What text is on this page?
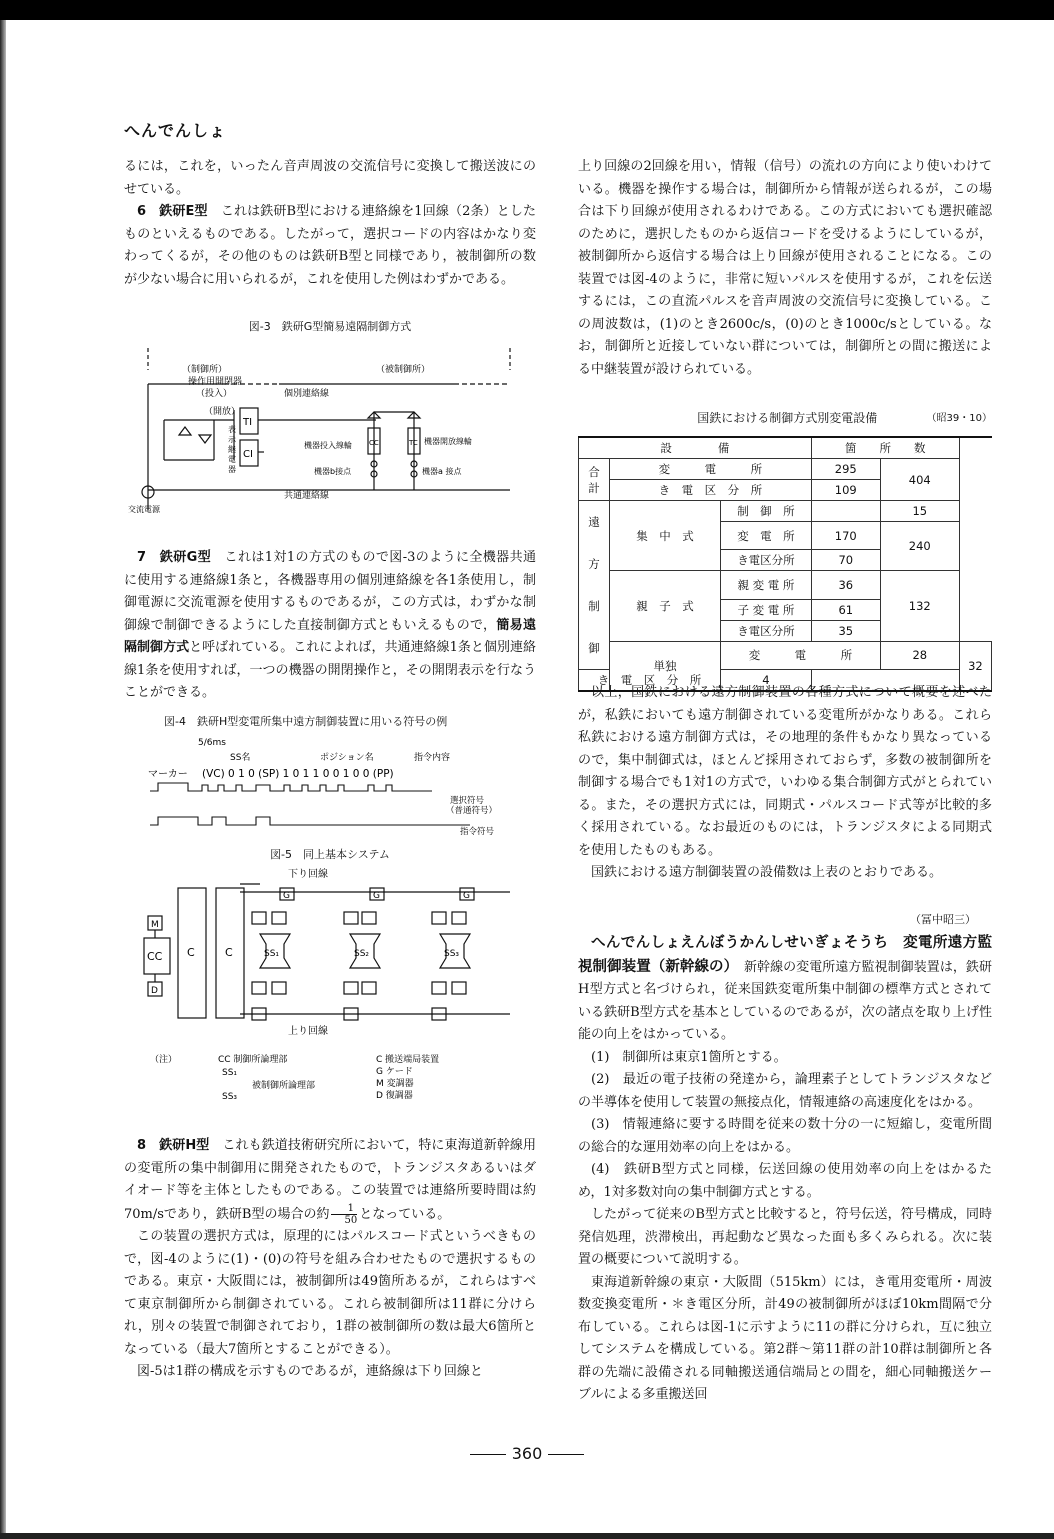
へんでんしょ

るには，これを，いったん音声周波の交流信号に変換して搬送波にのせている。

6　鉄研E型　 これは鉄研B型における連絡線を1回線（2条）としたものといえるものである。したがって，選択コードの内容はかなり変わってくるが，その他のものは鉄研B型と同様であり，被制御所の数が少ない場合に用いられるが，これを使用した例はわずかである。

図-3　鉄研G型簡易遠隔制御方式
（制御所）
操作用開閉器
（投入）
（開放）
表
示
継
電
器
TI
CI
（被制御所）
個別連絡線
CC	TC
機器投入線輪	機器開放線輪
機器b接点	機器a 接点
共通連絡線
交流電源

7　鉄研G型　 これは1対1の方式のもので図-3のように全機器共通に使用する連絡線1条と，各機器専用の個別連絡線を各1条使用し，制御電源に交流電源を使用するものであるが，この方式は，わずかな制御線で制御できるようにした直接制御方式ともいえるもので，簡易遠隔制御方式と呼ばれている。これによれば，共通連絡線1条と個別連絡線1条を使用すれば，一つの機器の開閉操作と，その開閉表示を行なうことができる。

図-4　鉄研H型変電所集中遠方制御装置に用いる符号の例
5/6ms
SS名	ポジション名	指令内容
マーカー (VC) 0 1 0 (SP) 1 0 1 1 0 0 1 0 0 (PP)
選択符号
（普通符号）
指令符号
図-5　同上基本システム
下り回線
上り回線
M
CC
D
C	C
G	G	G
SS₁	SS₂	SS₃
（注）	CC 制御所論理部
SS₁
SS₃
被制御所論理部
C 搬送端局装置
G ケード
M 変調器
D 復調器

8　鉄研H型　 これも鉄道技術研究所において，特に東海道新幹線用の変電所の集中制御用に開発されたもので，トランジスタあるいはダイオード等を主体としたものである。この装置では連絡所要時間は約70m/sであり，鉄研B型の場合の約 $\frac{1}{50}$ となっている。

この装置の選択方式は，原理的にはパルスコード式というべきもので，図-4のように(1)・(0)の符号を組み合わせたもので選択するものである。東京・大阪間には，被制御所は49箇所あるが，これらはすべて東京制御所から制御されている。これら被制御所は11群に分けられ，別々の装置で制御されており，1群の被制御所の数は最大6箇所となっている（最大7箇所とすることができる）。

図-5は1群の構成を示すものであるが，連絡線は下り回線と

上り回線の2回線を用い，情報（信号）の流れの方向により使いわけている。機器を操作する場合は，制御所から情報が送られるが，この場合は下り回線が使用されるわけである。この方式においても選択確認のために，選択したものから返信コードを受けるようにしているが，被制御所から返信する場合は上り回線が使用されることになる。この装置では図-4のように，非常に短いパルスを使用するが，これを伝送するには，この直流パルスを音声周波の交流信号に変換している。この周波数は，(1)のとき2600c/s，(0)のとき1000c/sとしている。なお，制御所と近接していない群については，制御所との間に搬送による中継装置が設けられている。

国鉄における制御方式別変電設備	（昭39・10）
設　　　　備			箇　　所　　数		
合計	変　　　電　　　所		295	404	
	き　電　区　分　所		109		
遠方制御	集　中　式	制　御　所		15	
		変　電　所	170	240	
		き電区分所	70		
	親　子　式	親 変 電 所	36	132	
		子 変 電 所	61		
		き電区分所	35		
	単独	変　　　電　　　所		28	32
き　電　区　分　所		4			

以上，国鉄における遠方制御装置の各種方式について概要を述べたが，私鉄においても遠方制御されている変電所がかなりある。これら私鉄における遠方制御方式は，その地理的条件もかなり異なっているので，集中制御式は，ほとんど採用されておらず，多数の被制御所を制御する場合でも1対1の方式で，いわゆる集合制御方式がとられている。また，その選択方式には，同期式・パルスコード式等が比較的多く採用されている。なお最近のものには，トランジスタによる同期式を使用したものもある。

国鉄における遠方制御装置の設備数は上表のとおりである。

（冨中昭三）

へんでんしょえんぼうかんしせいぎょそうち　変電所遠方監視制御装置（新幹線の）　 新幹線の変電所遠方監視制御装置は，鉄研H型方式と名づけられ，従来国鉄変電所集中制御の標準方式とされている鉄研B型方式を基本としているのであるが，次の諸点を取り上げ性能の向上をはかっている。

(1)　制御所は東京1箇所とする。

(2)　最近の電子技術の発達から，論理素子としてトランジスタなどの半導体を使用して装置の無接点化，情報連絡の高速度化をはかる。

(3)　情報連絡に要する時間を従来の数十分の一に短縮し，変電所間の総合的な運用効率の向上をはかる。

(4)　鉄研B型方式と同様，伝送回線の使用効率の向上をはかるため，1対多数対向の集中制御方式とする。

したがって従来のB型方式と比較すると，符号伝送，符号構成，同時発信処理，渋滞検出，再起動など異なった面も多くみられる。次に装置の概要について説明する。

東海道新幹線の東京・大阪間（515km）には，き電用変電所・周波数変換変電所・＊き電区分所，計49の被制御所がほぼ10km間隔で分布している。これらは図-1に示すように11の群に分けられ，互に独立してシステムを構成している。第2群～第11群の計10群は制御所と各群の先端に設備される同軸搬送通信端局との間を，細心同軸搬送ケーブルによる多重搬送回

360
